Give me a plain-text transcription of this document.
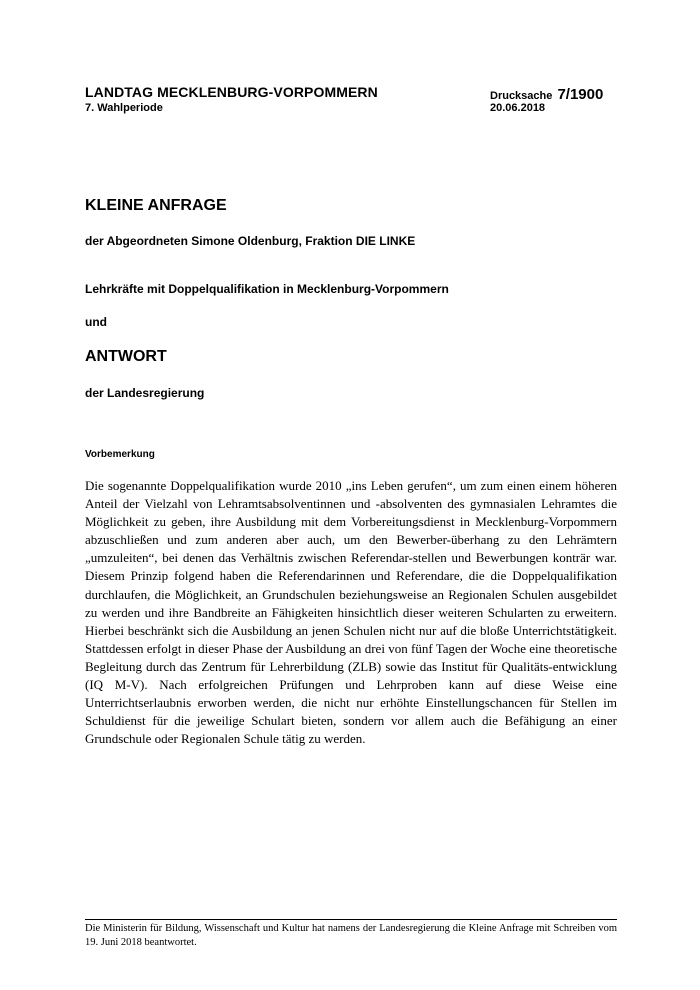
LANDTAG MECKLENBURG-VORPOMMERN
7. Wahlperiode
Drucksache 7/1900
20.06.2018
KLEINE ANFRAGE
der Abgeordneten Simone Oldenburg, Fraktion DIE LINKE
Lehrkräfte mit Doppelqualifikation in Mecklenburg-Vorpommern
und
ANTWORT
der Landesregierung
Vorbemerkung

Die sogenannte Doppelqualifikation wurde 2010 „ins Leben gerufen“, um zum einen einem höheren Anteil der Vielzahl von Lehramtsabsolventinnen und -absolventen des gymnasialen Lehramtes die Möglichkeit zu geben, ihre Ausbildung mit dem Vorbereitungsdienst in Mecklenburg-Vorpommern abzuschließen und zum anderen aber auch, um den Bewerber-überhang zu den Lehrämtern „umzuleiten“, bei denen das Verhältnis zwischen Referendar-stellen und Bewerbungen konträr war. Diesem Prinzip folgend haben die Referendarinnen und Referendare, die die Doppelqualifikation durchlaufen, die Möglichkeit, an Grundschulen beziehungsweise an Regionalen Schulen ausgebildet zu werden und ihre Bandbreite an Fähigkeiten hinsichtlich dieser weiteren Schularten zu erweitern. Hierbei beschränkt sich die Ausbildung an jenen Schulen nicht nur auf die bloße Unterrichtstätigkeit. Stattdessen erfolgt in dieser Phase der Ausbildung an drei von fünf Tagen der Woche eine theoretische Begleitung durch das Zentrum für Lehrerbildung (ZLB) sowie das Institut für Qualitäts-entwicklung (IQ M-V). Nach erfolgreichen Prüfungen und Lehrproben kann auf diese Weise eine Unterrichtserlaubnis erworben werden, die nicht nur erhöhte Einstellungschancen für Stellen im Schuldienst für die jeweilige Schulart bieten, sondern vor allem auch die Befähigung an einer Grundschule oder Regionalen Schule tätig zu werden.

Die Ministerin für Bildung, Wissenschaft und Kultur hat namens der Landesregierung die Kleine Anfrage mit Schreiben vom 19. Juni 2018 beantwortet.
